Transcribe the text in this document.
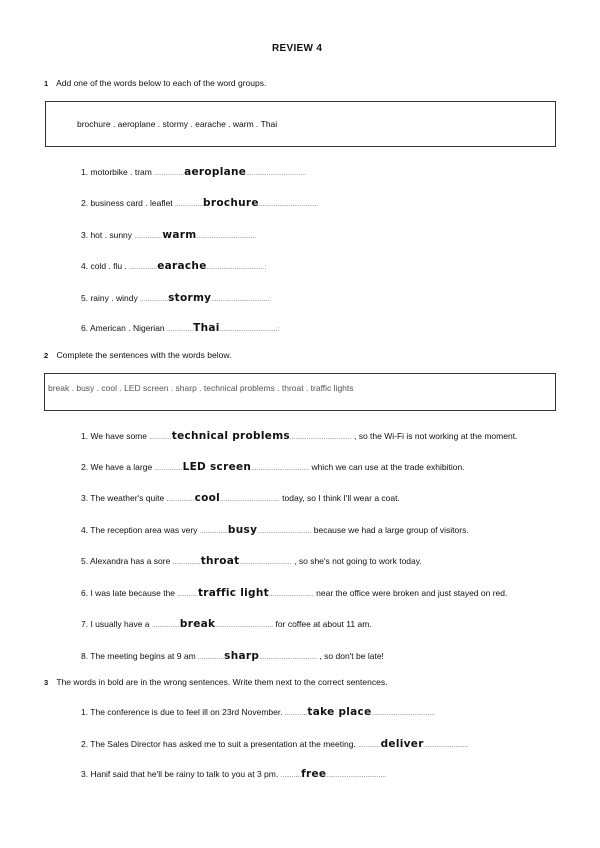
REVIEW 4
1 Add one of the words below to each of the word groups.
brochure . aeroplane . stormy . earache . warm . Thai
1. motorbike . tram ................aeroplane................................
2. business card . leaflet ...............brochure................................
3. hot . sunny ...............warm................................
4. cold . flu . ...............earache...............................:
5. rainy . windy ...............stormy...............................:
6. American . Nigerian ..............Thai...............................:
2 Complete the sentences with the words below.
break . busy . cool . LED screen . sharp . technical problems . throat . traffic lights
1. We have some ............technical problems................................. , so the Wi-Fi is not working at the moment.
2. We have a large ...............LED screen............................... which we can use at the trade exhibition.
3. The weather's quite ...............cool................................ today, so I think I'll wear a coat.
4. The reception area was very ...............busy............................. because we had a large group of visitors.
5. Alexandra has a sore ...............throat............................ , so she's not going to work today.
6. I was late because the ...........traffic light........................ near the office were broken and just stayed on red.
7. I usually have a ...............break............................... for coffee at about 11 am.
8. The meeting begins at 9 am ..............sharp............................... , so don't be late!
3 The words in bold are in the wrong sentences. Write them next to the correct sentences.
1. The conference is due to feel ill on 23rd November. ............take place..................................
2. The Sales Director has asked me to suit a presentation at the meeting. ............deliver........................
3. Hanif said that he'll be rainy to talk to you at 3 pm. ...........free................................
